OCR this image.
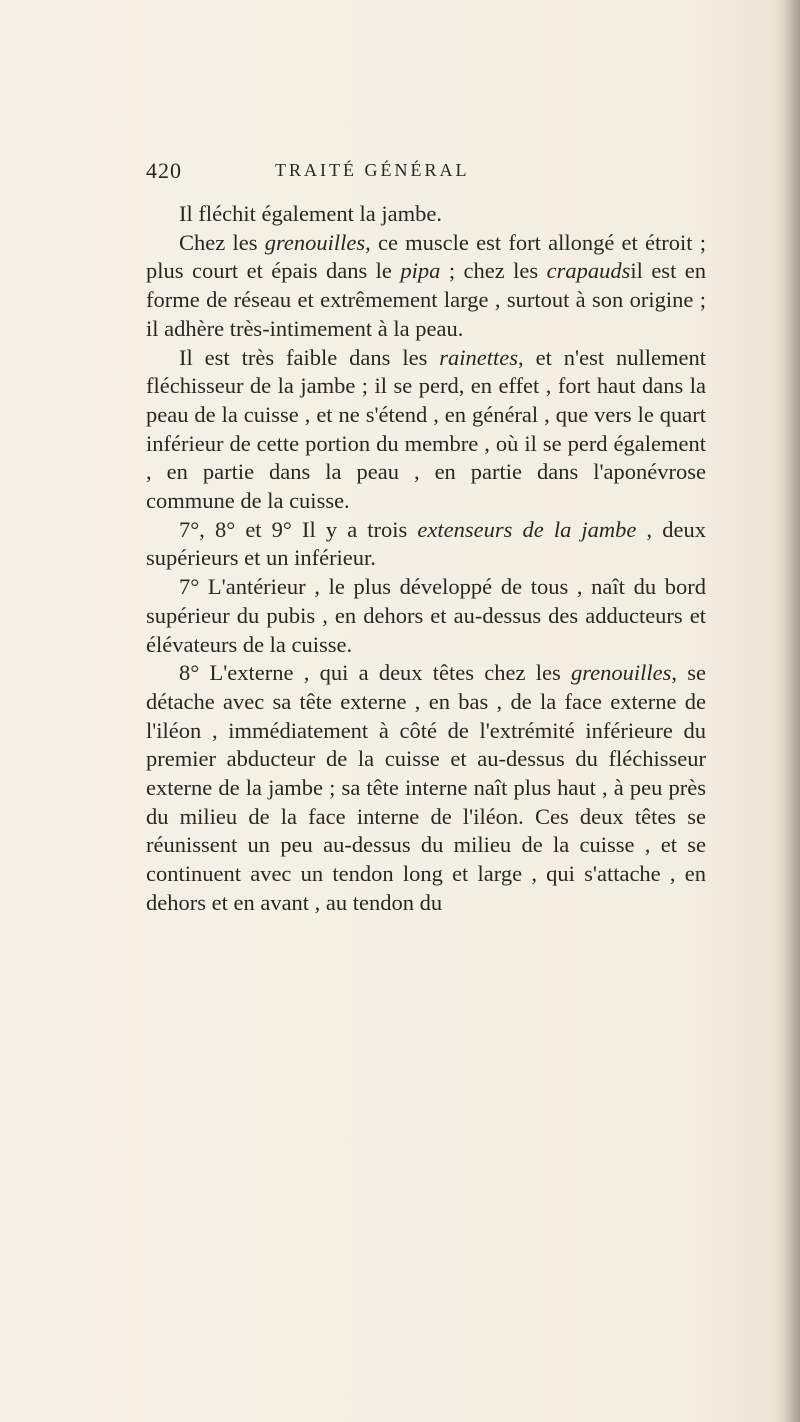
420	TRAITÉ GÉNÉRAL

Il fléchit également la jambe.

Chez les grenouilles, ce muscle est fort allongé et étroit ; plus court et épais dans le pipa ; chez les crapaudsil est en forme de réseau et extrêmement large , surtout à son origine ; il adhère très-intimement à la peau.

Il est très faible dans les rainettes, et n'est nullement fléchisseur de la jambe ; il se perd, en effet , fort haut dans la peau de la cuisse , et ne s'étend , en général , que vers le quart inférieur de cette portion du membre , où il se perd également , en partie dans la peau , en partie dans l'aponévrose commune de la cuisse.

7°, 8° et 9° Il y a trois extenseurs de la jambe , deux supérieurs et un inférieur.

7° L'antérieur , le plus développé de tous , naît du bord supérieur du pubis , en dehors et au-dessus des adducteurs et élévateurs de la cuisse.

8° L'externe , qui a deux têtes chez les grenouilles, se détache avec sa tête externe , en bas , de la face externe de l'iléon , immédiatement à côté de l'extrémité inférieure du premier abducteur de la cuisse et au-dessus du fléchisseur externe de la jambe ; sa tête interne naît plus haut , à peu près du milieu de la face interne de l'iléon. Ces deux têtes se réunissent un peu au-dessus du milieu de la cuisse , et se continuent avec un tendon long et large , qui s'attache , en dehors et en avant , au tendon du
